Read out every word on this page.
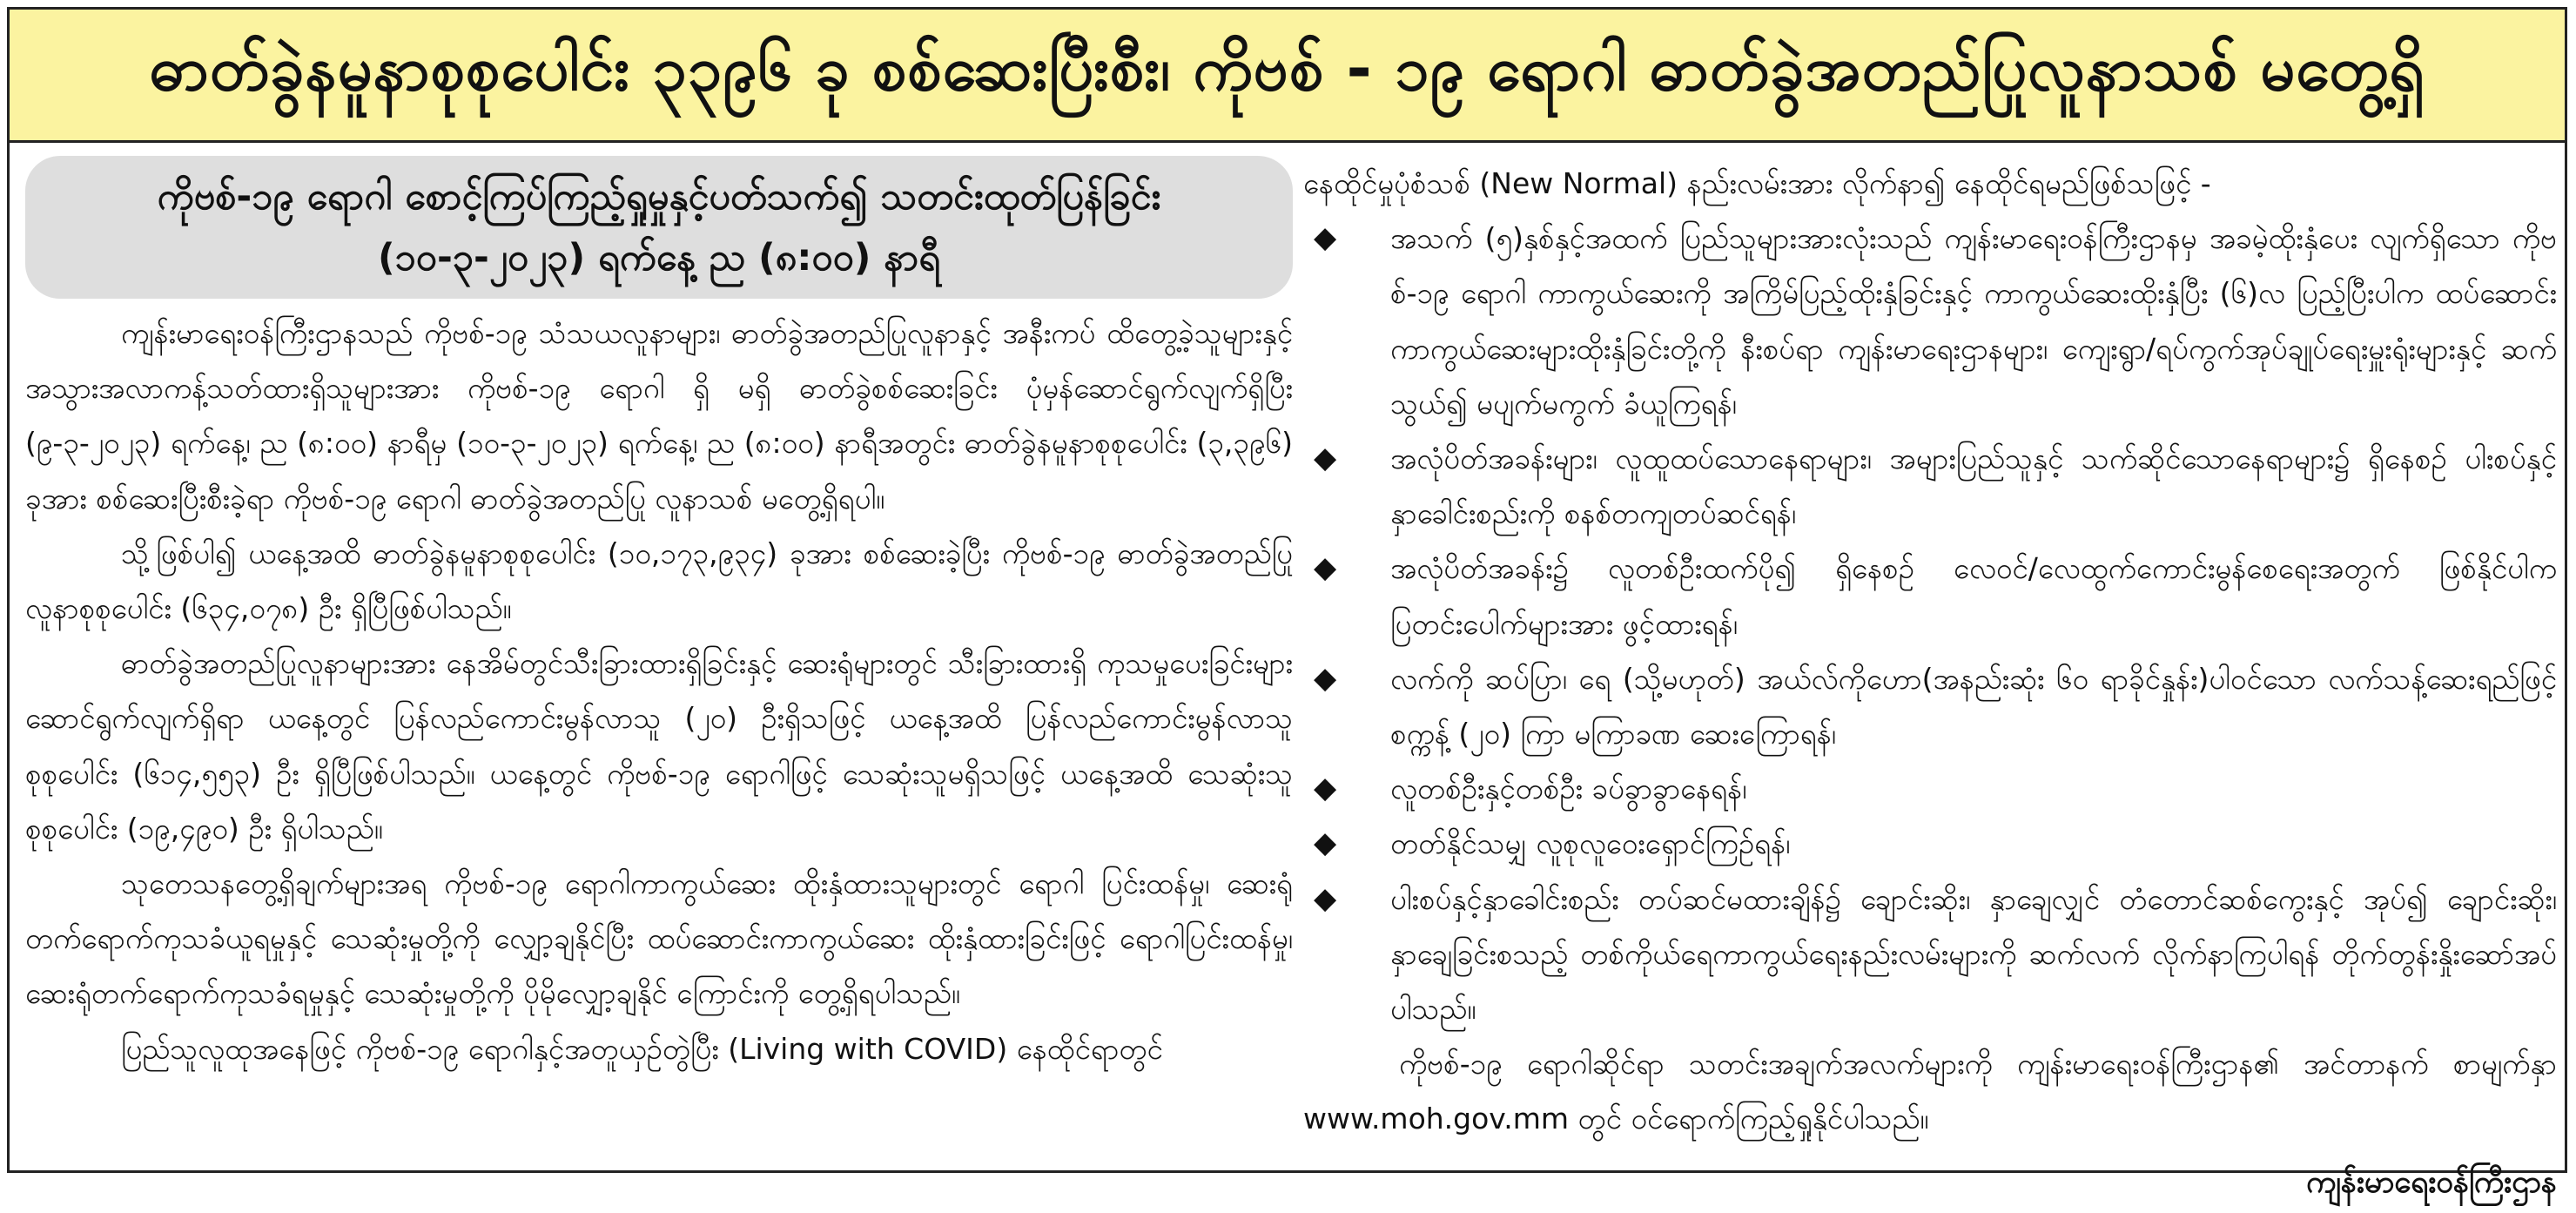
ဓာတ်ခွဲနမူနာစုစုပေါင်း ၃၃၉၆ ခု စစ်ဆေးပြီးစီး၊ ကိုဗစ် - ၁၉ ရောဂါ ဓာတ်ခွဲအတည်ပြုလူနာသစ် မတွေ့ရှိ
ကိုဗစ်-၁၉ ရောဂါ စောင့်ကြပ်ကြည့်ရှုမှုနှင့်ပတ်သက်၍ သတင်းထုတ်ပြန်ခြင်း
(၁၀-၃-၂၀၂၃) ရက်နေ့ ည (၈:၀၀) နာရီ

ကျန်းမာရေးဝန်ကြီးဌာနသည် ကိုဗစ်-၁၉ သံသယလူနာများ၊ ဓာတ်ခွဲအတည်ပြုလူနာနှင့် အနီးကပ် ထိတွေ့ခဲ့သူများနှင့် အသွားအလာကန့်သတ်ထားရှိသူများအား ကိုဗစ်-၁၉ ရောဂါ ရှိ မရှိ ဓာတ်ခွဲစစ်ဆေးခြင်း ပုံမှန်ဆောင်ရွက်လျက်ရှိပြီး (၉-၃-၂၀၂၃) ရက်နေ့၊ ည (၈:၀၀) နာရီမှ (၁၀-၃-၂၀၂၃) ရက်နေ့၊ ည (၈:၀၀) နာရီအတွင်း ဓာတ်ခွဲနမူနာစုစုပေါင်း (၃,၃၉၆) ခုအား စစ်ဆေးပြီးစီးခဲ့ရာ ကိုဗစ်-၁၉ ရောဂါ ဓာတ်ခွဲအတည်ပြု လူနာသစ် မတွေ့ရှိရပါ။

သို့ဖြစ်ပါ၍ ယနေ့အထိ ဓာတ်ခွဲနမူနာစုစုပေါင်း (၁၀,၁၇၃,၉၃၄) ခုအား စစ်ဆေးခဲ့ပြီး ကိုဗစ်-၁၉ ဓာတ်ခွဲအတည်ပြုလူနာစုစုပေါင်း (၆၃၄,၀၇၈) ဦး ရှိပြီဖြစ်ပါသည်။

ဓာတ်ခွဲအတည်ပြုလူနာများအား နေအိမ်တွင်သီးခြားထားရှိခြင်းနှင့် ဆေးရုံများတွင် သီးခြားထားရှိ ကုသမှုပေးခြင်းများ ဆောင်ရွက်လျက်ရှိရာ ယနေ့တွင် ပြန်လည်ကောင်းမွန်လာသူ (၂၀) ဦးရှိသဖြင့် ယနေ့အထိ ပြန်လည်ကောင်းမွန်လာသူစုစုပေါင်း (၆၁၄,၅၅၃) ဦး ရှိပြီဖြစ်ပါသည်။ ယနေ့တွင် ကိုဗစ်-၁၉ ရောဂါဖြင့် သေဆုံးသူမရှိသဖြင့် ယနေ့အထိ သေဆုံးသူစုစုပေါင်း (၁၉,၄၉၀) ဦး ရှိပါသည်။

သုတေသနတွေ့ရှိချက်များအရ ကိုဗစ်-၁၉ ရောဂါကာကွယ်ဆေး ထိုးနှံထားသူများတွင် ရောဂါ ပြင်းထန်မှု၊ ဆေးရုံတက်ရောက်ကုသခံယူရမှုနှင့် သေဆုံးမှုတို့ကို လျှော့ချနိုင်ပြီး ထပ်ဆောင်းကာကွယ်ဆေး ထိုးနှံထားခြင်းဖြင့် ရောဂါပြင်းထန်မှု၊ ဆေးရုံတက်ရောက်ကုသခံရမှုနှင့် သေဆုံးမှုတို့ကို ပိုမိုလျှော့ချနိုင် ကြောင်းကို တွေ့ရှိရပါသည်။

ပြည်သူလူထုအနေဖြင့် ကိုဗစ်-၁၉ ရောဂါနှင့်အတူယှဉ်တွဲပြီး (Living with COVID) နေထိုင်ရာတွင်

နေထိုင်မှုပုံစံသစ် (New Normal) နည်းလမ်းအား လိုက်နာ၍ နေထိုင်ရမည်ဖြစ်သဖြင့် -

◆ အသက် (၅)နှစ်နှင့်အထက် ပြည်သူများအားလုံးသည် ကျန်းမာရေးဝန်ကြီးဌာနမှ အခမဲ့ထိုးနှံပေး လျက်ရှိသော ကိုဗစ်-၁၉ ရောဂါ ကာကွယ်ဆေးကို အကြိမ်ပြည့်ထိုးနှံခြင်းနှင့် ကာကွယ်ဆေးထိုးနှံပြီး (၆)လ ပြည့်ပြီးပါက ထပ်ဆောင်းကာကွယ်ဆေးများထိုးနှံခြင်းတို့ကို နီးစပ်ရာ ကျန်းမာရေးဌာနများ၊ ကျေးရွာ/ရပ်ကွက်အုပ်ချုပ်ရေးမှူးရုံးများနှင့် ဆက်သွယ်၍ မပျက်မကွက် ခံယူကြရန်၊
◆ အလုံပိတ်အခန်းများ၊ လူထူထပ်သောနေရာများ၊ အများပြည်သူနှင့် သက်ဆိုင်သောနေရာများ၌ ရှိနေစဉ် ပါးစပ်နှင့်နှာခေါင်းစည်းကို စနစ်တကျတပ်ဆင်ရန်၊
◆ အလုံပိတ်အခန်း၌ လူတစ်ဦးထက်ပို၍ ရှိနေစဉ် လေဝင်/လေထွက်ကောင်းမွန်စေရေးအတွက် ဖြစ်နိုင်ပါက ပြတင်းပေါက်များအား ဖွင့်ထားရန်၊
◆ လက်ကို ဆပ်ပြာ၊ ရေ (သို့မဟုတ်) အယ်လ်ကိုဟော(အနည်းဆုံး ၆၀ ရာခိုင်နှုန်း)ပါဝင်သော လက်သန့်ဆေးရည်ဖြင့် စက္ကန့် (၂၀) ကြာ မကြာခဏ ဆေးကြောရန်၊
◆ လူတစ်ဦးနှင့်တစ်ဦး ခပ်ခွာခွာနေရန်၊
◆ တတ်နိုင်သမျှ လူစုလူဝေးရှောင်ကြဉ်ရန်၊
◆ ပါးစပ်နှင့်နှာခေါင်းစည်း တပ်ဆင်မထားချိန်၌ ချောင်းဆိုး၊ နှာချေလျှင် တံတောင်ဆစ်ကွေးနှင့် အုပ်၍ ချောင်းဆိုး၊ နှာချေခြင်းစသည့် တစ်ကိုယ်ရေကာကွယ်ရေးနည်းလမ်းများကို ဆက်လက် လိုက်နာကြပါရန် တိုက်တွန်းနှိုးဆော်အပ်ပါသည်။

ကိုဗစ်-၁၉ ရောဂါဆိုင်ရာ သတင်းအချက်အလက်များကို ကျန်းမာရေးဝန်ကြီးဌာန၏ အင်တာနက် စာမျက်နှာ www.moh.gov.mm တွင် ဝင်ရောက်ကြည့်ရှုနိုင်ပါသည်။

ကျန်းမာရေးဝန်ကြီးဌာန
